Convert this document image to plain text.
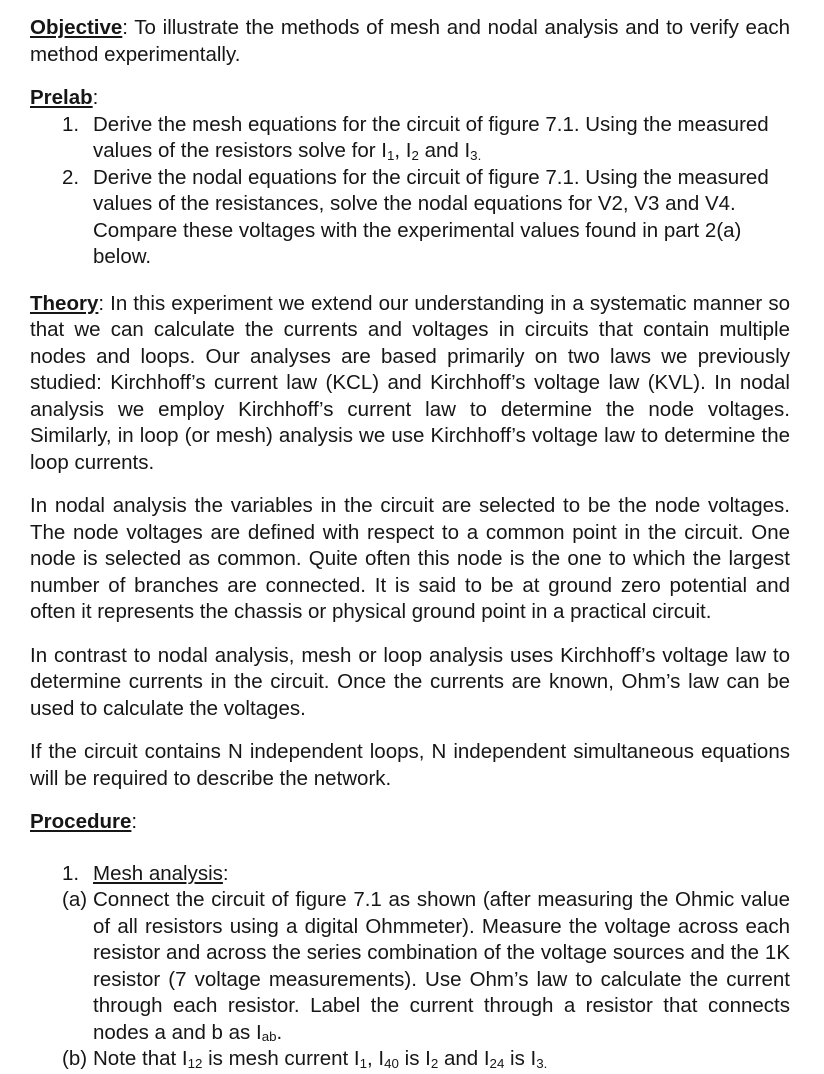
Objective: To illustrate the methods of mesh and nodal analysis and to verify each method experimentally.

Prelab:

1. Derive the mesh equations for the circuit of figure 7.1. Using the measured values of the resistors solve for $I_1$, $I_2$ and $I_{3.}$
2. Derive the nodal equations for the circuit of figure 7.1. Using the measured values of the resistances, solve the nodal equations for V2, V3 and V4. Compare these voltages with the experimental values found in part 2(a) below.

Theory: In this experiment we extend our understanding in a systematic manner so that we can calculate the currents and voltages in circuits that contain multiple nodes and loops. Our analyses are based primarily on two laws we previously studied: Kirchhoff’s current law (KCL) and Kirchhoff’s voltage law (KVL). In nodal analysis we employ Kirchhoff’s current law to determine the node voltages. Similarly, in loop (or mesh) analysis we use Kirchhoff’s voltage law to determine the loop currents.

In nodal analysis the variables in the circuit are selected to be the node voltages. The node voltages are defined with respect to a common point in the circuit. One node is selected as common. Quite often this node is the one to which the largest number of branches are connected. It is said to be at ground zero potential and often it represents the chassis or physical ground point in a practical circuit.

In contrast to nodal analysis, mesh or loop analysis uses Kirchhoff’s voltage law to determine currents in the circuit. Once the currents are known, Ohm’s law can be used to calculate the voltages.

If the circuit contains N independent loops, N independent simultaneous equations will be required to describe the network.

Procedure:

1. Mesh analysis:
(a) Connect the circuit of figure 7.1 as shown (after measuring the Ohmic value of all resistors using a digital Ohmmeter). Measure the voltage across each resistor and across the series combination of the voltage sources and the 1K resistor (7 voltage measurements). Use Ohm’s law to calculate the current through each resistor. Label the current through a resistor that connects nodes a and b as $I_{ab}$.
(b) Note that $I_{12}$ is mesh current $I_1$, $I_{40}$ is $I_2$ and $I_{24}$ is $I_{3.}$
